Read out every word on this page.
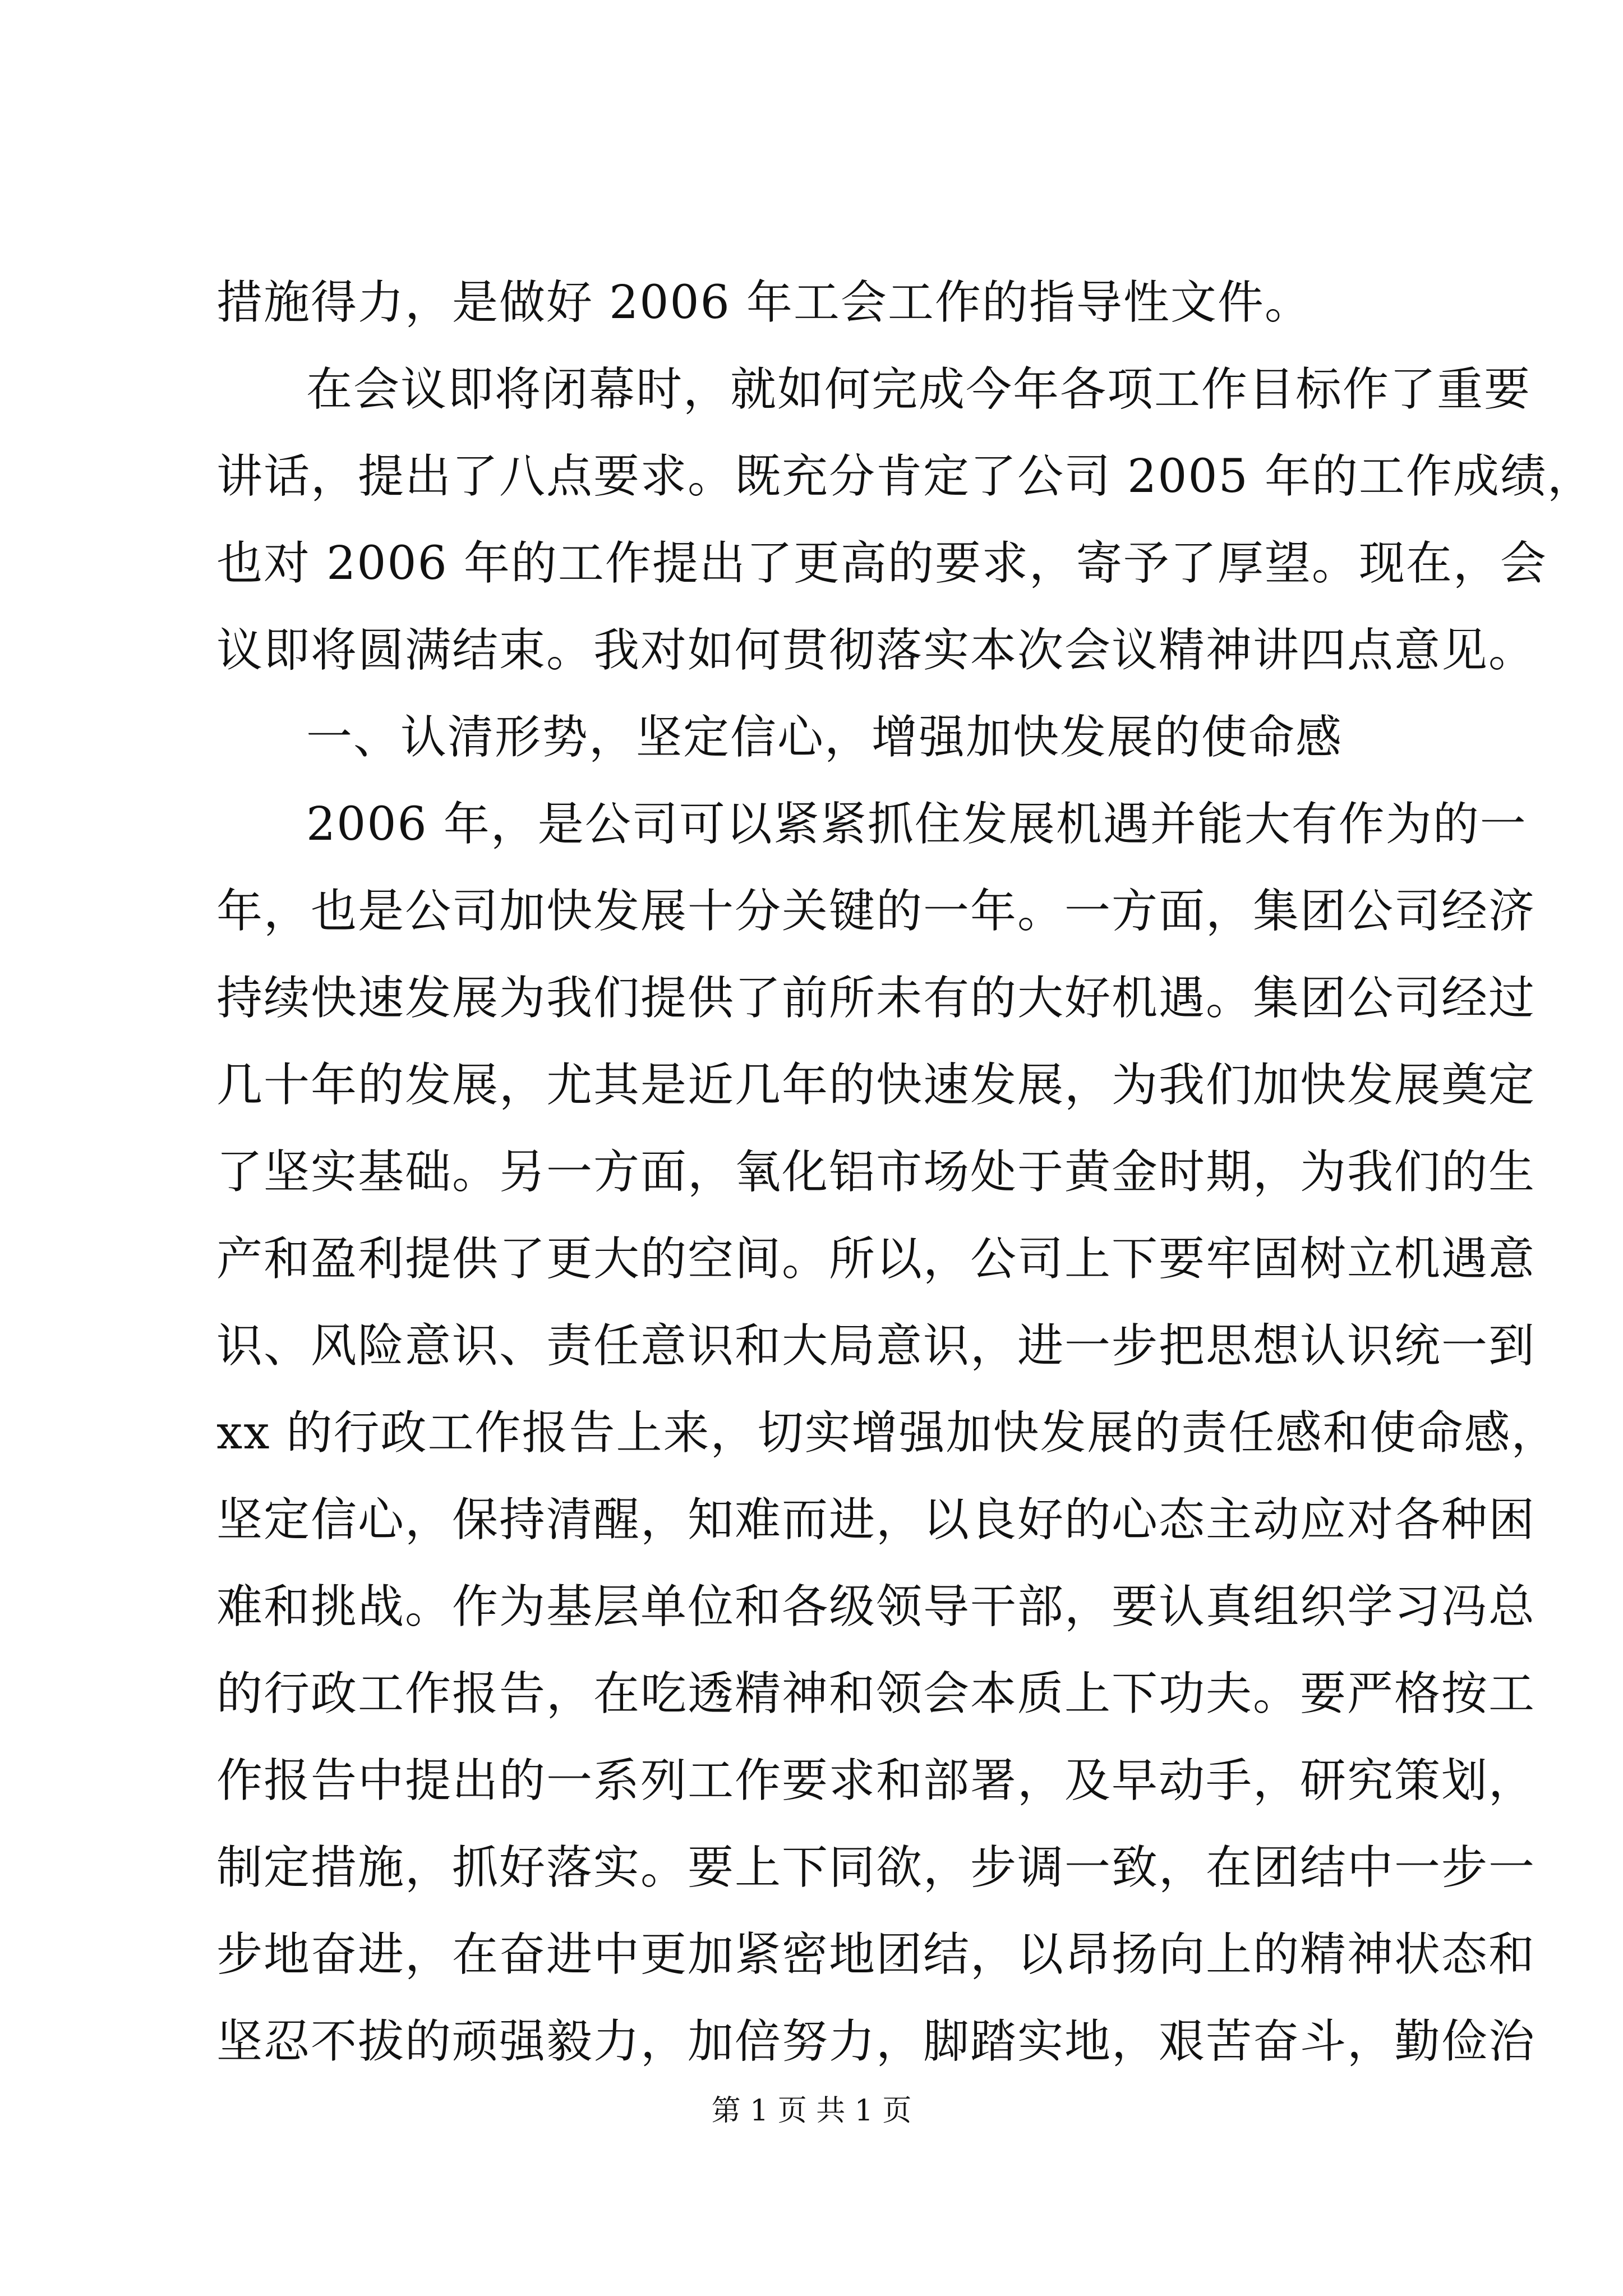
措施得力，是做好 2006 年工会工作的指导性文件。
在会议即将闭幕时，就如何完成今年各项工作目标作了重要
讲话，提出了八点要求。既充分肯定了公司 2005 年的工作成绩，
也对 2006 年的工作提出了更高的要求，寄予了厚望。现在，会
议即将圆满结束。我对如何贯彻落实本次会议精神讲四点意见。
一、认清形势，坚定信心，增强加快发展的使命感
2006 年，是公司可以紧紧抓住发展机遇并能大有作为的一
年，也是公司加快发展十分关键的一年。一方面，集团公司经济
持续快速发展为我们提供了前所未有的大好机遇。集团公司经过
几十年的发展，尤其是近几年的快速发展，为我们加快发展奠定
了坚实基础。另一方面，氧化铝市场处于黄金时期，为我们的生
产和盈利提供了更大的空间。所以，公司上下要牢固树立机遇意
识、风险意识、责任意识和大局意识，进一步把思想认识统一到
xx 的行政工作报告上来，切实增强加快发展的责任感和使命感，
坚定信心，保持清醒，知难而进，以良好的心态主动应对各种困
难和挑战。作为基层单位和各级领导干部，要认真组织学习冯总
的行政工作报告，在吃透精神和领会本质上下功夫。要严格按工
作报告中提出的一系列工作要求和部署，及早动手，研究策划，
制定措施，抓好落实。要上下同欲，步调一致，在团结中一步一
步地奋进，在奋进中更加紧密地团结，以昂扬向上的精神状态和
坚忍不拔的顽强毅力，加倍努力，脚踏实地，艰苦奋斗，勤俭治
第 1 页 共 1 页
